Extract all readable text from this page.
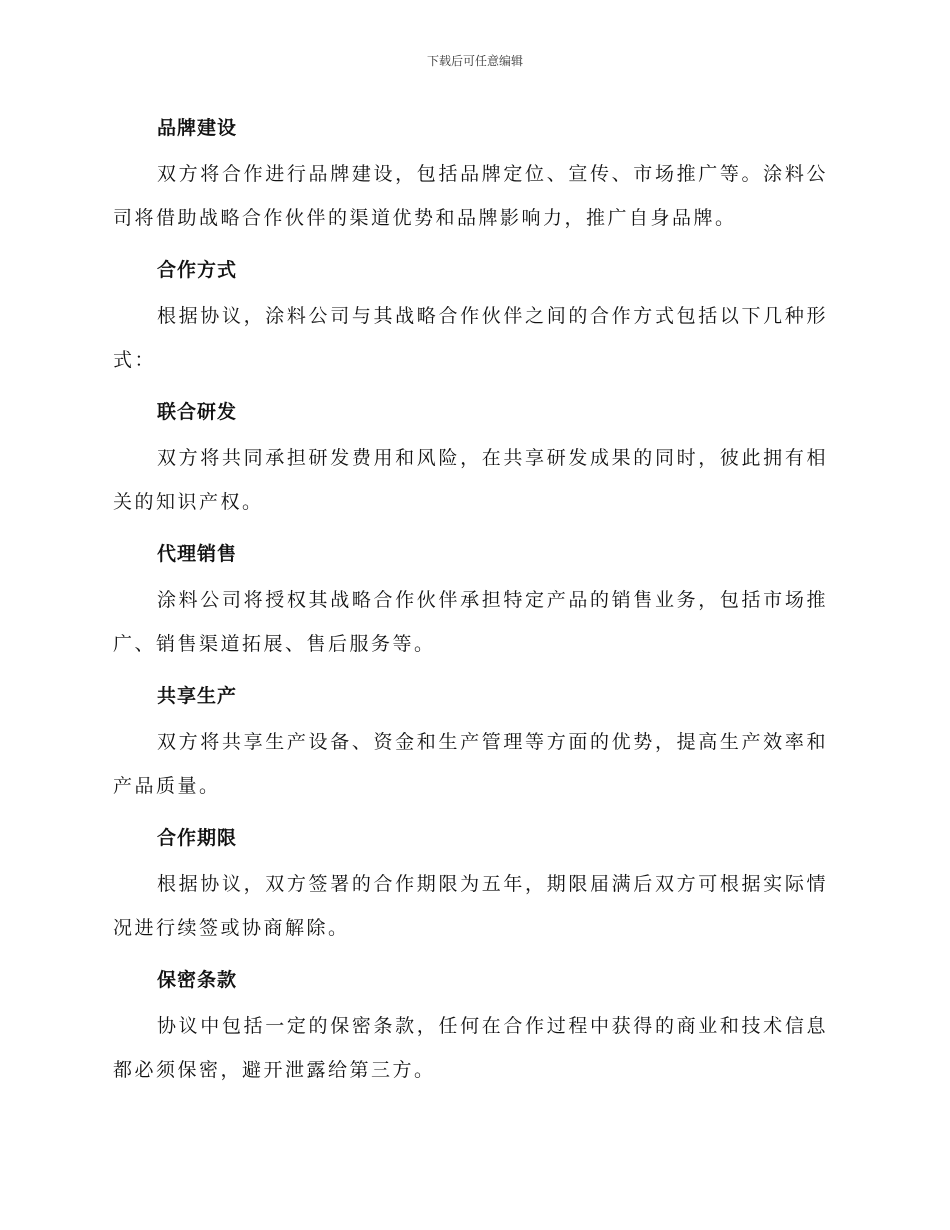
下载后可任意编辑
品牌建设

双方将合作进行品牌建设，包括品牌定位、宣传、市场推广等。涂料公司将借助战略合作伙伴的渠道优势和品牌影响力，推广自身品牌。

合作方式

根据协议，涂料公司与其战略合作伙伴之间的合作方式包括以下几种形式：

联合研发

双方将共同承担研发费用和风险，在共享研发成果的同时，彼此拥有相关的知识产权。

代理销售

涂料公司将授权其战略合作伙伴承担特定产品的销售业务，包括市场推广、销售渠道拓展、售后服务等。

共享生产

双方将共享生产设备、资金和生产管理等方面的优势，提高生产效率和产品质量。

合作期限

根据协议，双方签署的合作期限为五年，期限届满后双方可根据实际情况进行续签或协商解除。

保密条款

协议中包括一定的保密条款，任何在合作过程中获得的商业和技术信息都必须保密，避开泄露给第三方。
